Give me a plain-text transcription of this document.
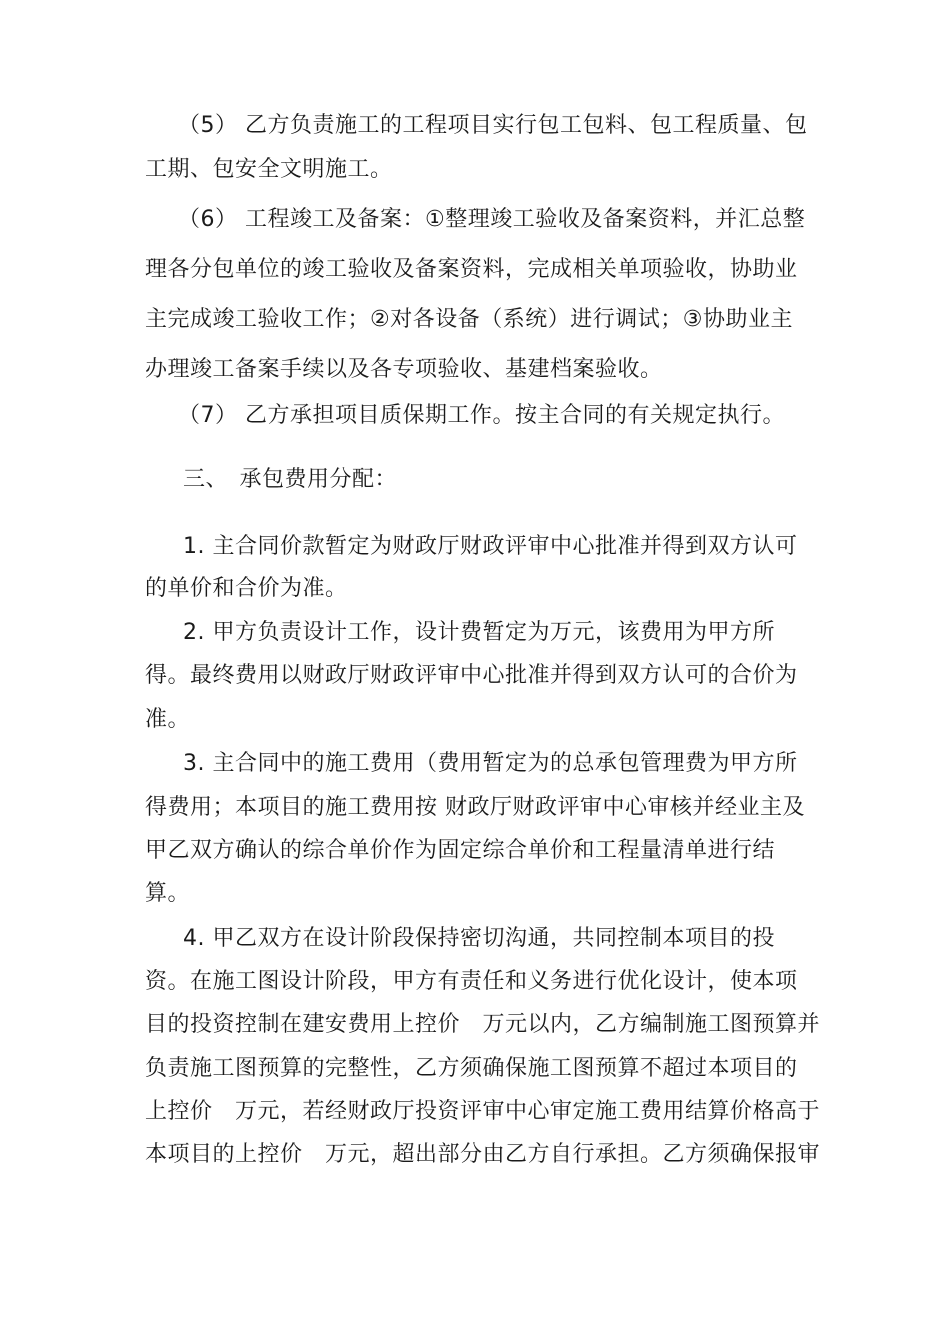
（5） 乙方负责施工的工程项目实行包工包料、包工程质量、包
工期、包安全文明施工。
（6） 工程竣工及备案：①整理竣工验收及备案资料，并汇总整
理各分包单位的竣工验收及备案资料，完成相关单项验收，协助业
主完成竣工验收工作；②对各设备（系统）进行调试；③协助业主
办理竣工备案手续以及各专项验收、基建档案验收。
（7） 乙方承担项目质保期工作。按主合同的有关规定执行。
三、　承包费用分配：
1. 主合同价款暂定为财政厅财政评审中心批准并得到双方认可
的单价和合价为准。
2. 甲方负责设计工作，设计费暂定为万元，该费用为甲方所
得。最终费用以财政厅财政评审中心批准并得到双方认可的合价为
准。
3. 主合同中的施工费用（费用暂定为的总承包管理费为甲方所
得费用；本项目的施工费用按 财政厅财政评审中心审核并经业主及
甲乙双方确认的综合单价作为固定综合单价和工程量清单进行结
算。
4. 甲乙双方在设计阶段保持密切沟通，共同控制本项目的投
资。在施工图设计阶段，甲方有责任和义务进行优化设计，使本项
目的投资控制在建安费用上控价　万元以内，乙方编制施工图预算并
负责施工图预算的完整性，乙方须确保施工图预算不超过本项目的
上控价　万元，若经财政厅投资评审中心审定施工费用结算价格高于
本项目的上控价　万元，超出部分由乙方自行承担。乙方须确保报审
